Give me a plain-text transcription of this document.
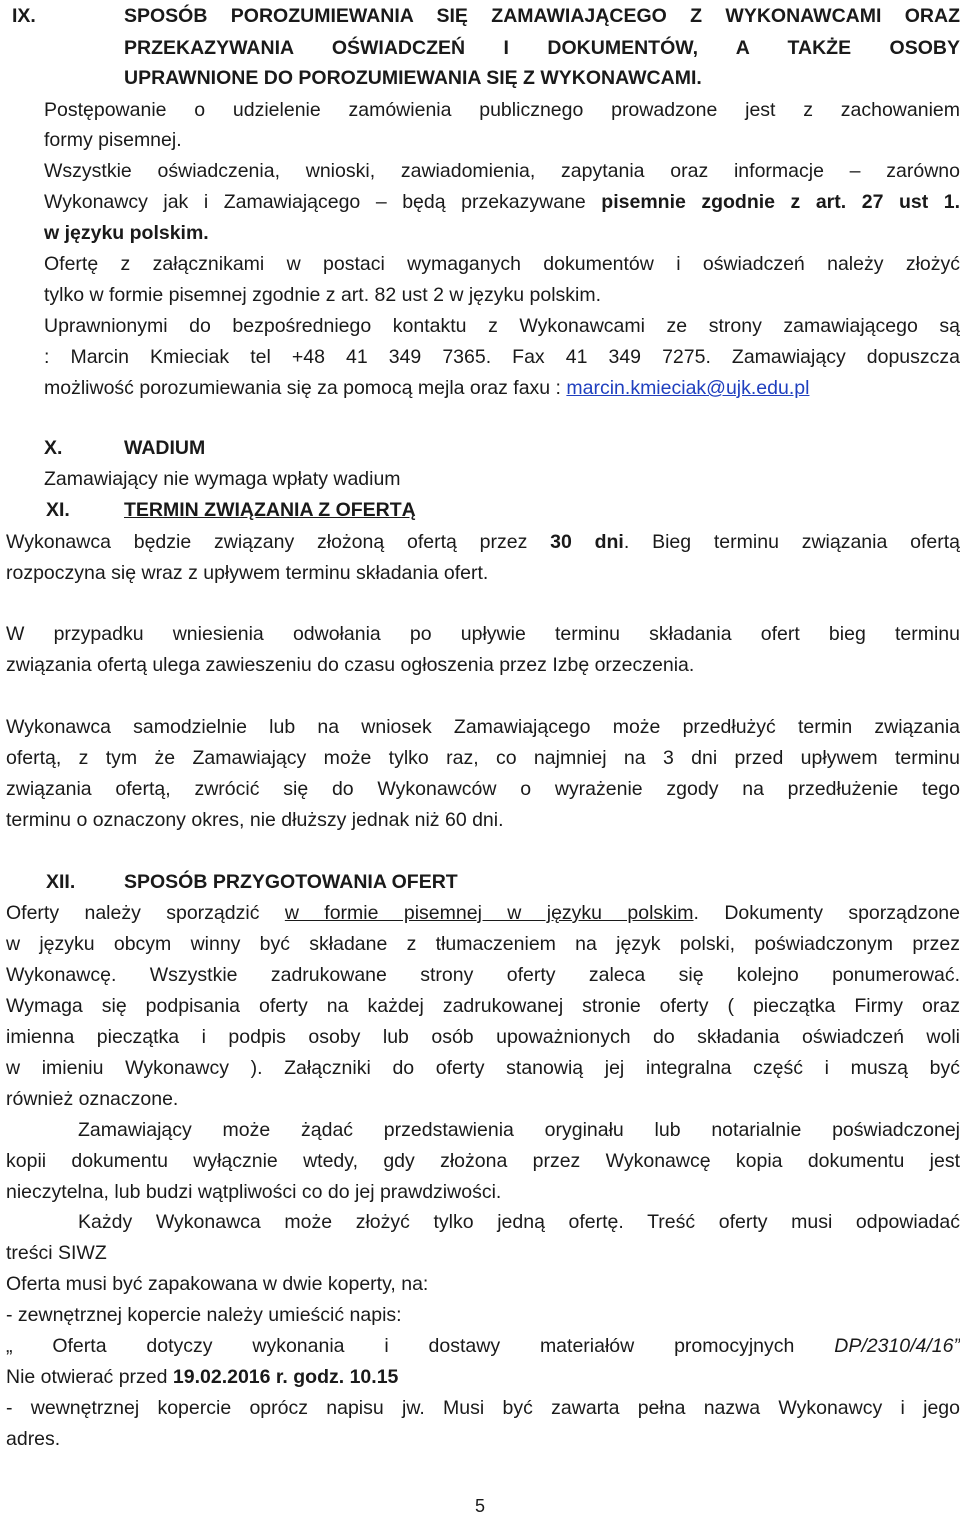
IX.	SPOSÓB POROZUMIEWANIA SIĘ ZAMAWIAJĄCEGO Z WYKONAWCAMI ORAZ
PRZEKAZYWANIA OŚWIADCZEŃ I DOKUMENTÓW, A TAKŻE OSOBY
UPRAWNIONE DO POROZUMIEWANIA SIĘ Z WYKONAWCAMI.
Postępowanie o udzielenie zamówienia publicznego prowadzone jest z zachowaniem
formy pisemnej.
Wszystkie oświadczenia, wnioski, zawiadomienia, zapytania oraz informacje – zarówno
Wykonawcy jak i Zamawiającego – będą przekazywane pisemnie zgodnie z art. 27 ust 1.
w języku polskim.
Ofertę z załącznikami w postaci wymaganych dokumentów i oświadczeń należy złożyć
tylko w formie pisemnej zgodnie z art. 82 ust 2 w języku polskim.
Uprawnionymi do bezpośredniego kontaktu z Wykonawcami ze strony zamawiającego są
: Marcin Kmieciak tel +48 41 349 7365. Fax 41 349 7275. Zamawiający dopuszcza
możliwość porozumiewania się za pomocą mejla oraz faxu : marcin.kmieciak@ujk.edu.pl
X.	WADIUM
Zamawiający nie wymaga wpłaty wadium
XI.	TERMIN ZWIĄZANIA Z OFERTĄ
Wykonawca będzie związany złożoną ofertą przez 30 dni. Bieg terminu związania ofertą
rozpoczyna się wraz z upływem terminu składania ofert.
W przypadku wniesienia odwołania po upływie terminu składania ofert bieg terminu
związania ofertą ulega zawieszeniu do czasu ogłoszenia przez Izbę orzeczenia.
Wykonawca samodzielnie lub na wniosek Zamawiającego może przedłużyć termin związania
ofertą, z tym że Zamawiający może tylko raz, co najmniej na 3 dni przed upływem terminu
związania ofertą, zwrócić się do Wykonawców o wyrażenie zgody na przedłużenie tego
terminu o oznaczony okres, nie dłuższy jednak niż 60 dni.
XII. SPOSÓB PRZYGOTOWANIA OFERT
Oferty należy sporządzić w formie pisemnej w języku polskim. Dokumenty sporządzone
w języku obcym winny być składane z tłumaczeniem na język polski, poświadczonym przez
Wykonawcę. Wszystkie zadrukowane strony oferty zaleca się kolejno ponumerować.
Wymaga się podpisania oferty na każdej zadrukowanej stronie oferty ( pieczątka Firmy oraz
imienna pieczątka i podpis osoby lub osób upoważnionych do składania oświadczeń woli
w imieniu Wykonawcy ). Załączniki do oferty stanowią jej integralna część i muszą być
również oznaczone.
Zamawiający może żądać przedstawienia oryginału lub notarialnie poświadczonej
kopii dokumentu wyłącznie wtedy, gdy złożona przez Wykonawcę kopia dokumentu jest
nieczytelna, lub budzi wątpliwości co do jej prawdziwości.
Każdy Wykonawca może złożyć tylko jedną ofertę. Treść oferty musi odpowiadać
treści SIWZ
Oferta musi być zapakowana w dwie koperty, na:
- zewnętrznej kopercie należy umieścić napis:
„ Oferta dotyczy wykonania i dostawy materiałów promocyjnych DP/2310/4/16”
Nie otwierać przed 19.02.2016 r. godz. 10.15
- wewnętrznej kopercie oprócz napisu jw. Musi być zawarta pełna nazwa Wykonawcy i jego
adres.
5
